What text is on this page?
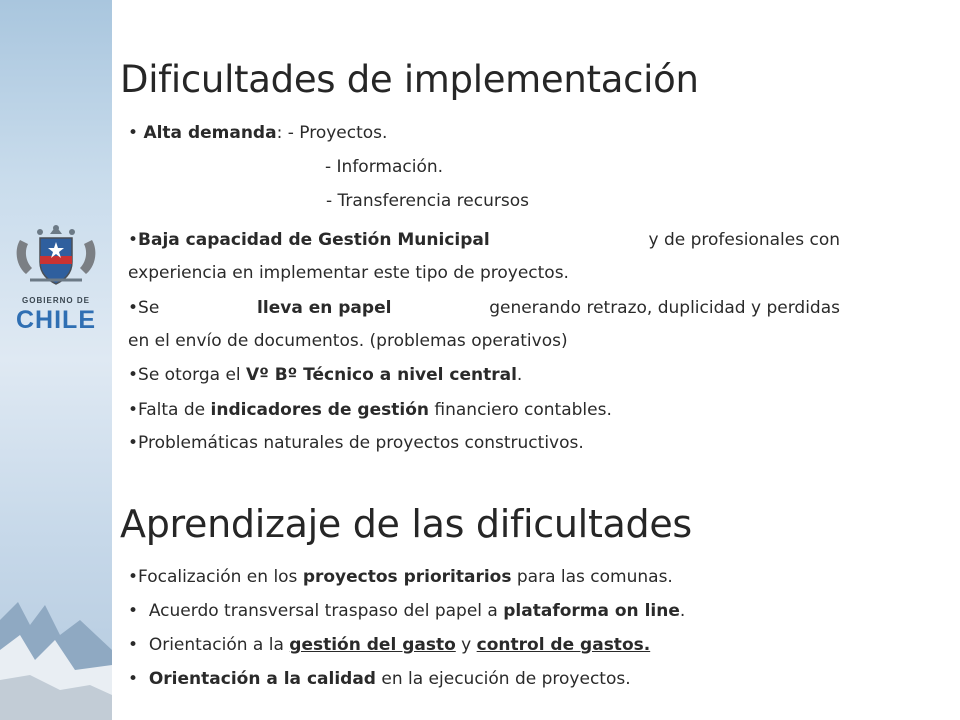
GOBIERNO DE
CHILE
Dificultades de implementación
• Alta demanda: - Proyectos.
- Información.
- Transferencia recursos
•Baja capacidad de Gestión Municipal	y de profesionales con
experiencia en implementar este tipo de proyectos.
•Se	lleva en papel	generando retrazo, duplicidad y perdidas
en el envío de documentos. (problemas operativos)
•Se otorga el Vº Bº Técnico a nivel central.
•Falta de indicadores de gestión financiero contables.
•Problemáticas naturales de proyectos constructivos.
Aprendizaje de las dificultades
•Focalización en los proyectos prioritarios para las comunas.
• Acuerdo transversal traspaso del papel a plataforma on line.
• Orientación a la gestión del gasto y control de gastos.
• Orientación a la calidad en la ejecución de proyectos.
